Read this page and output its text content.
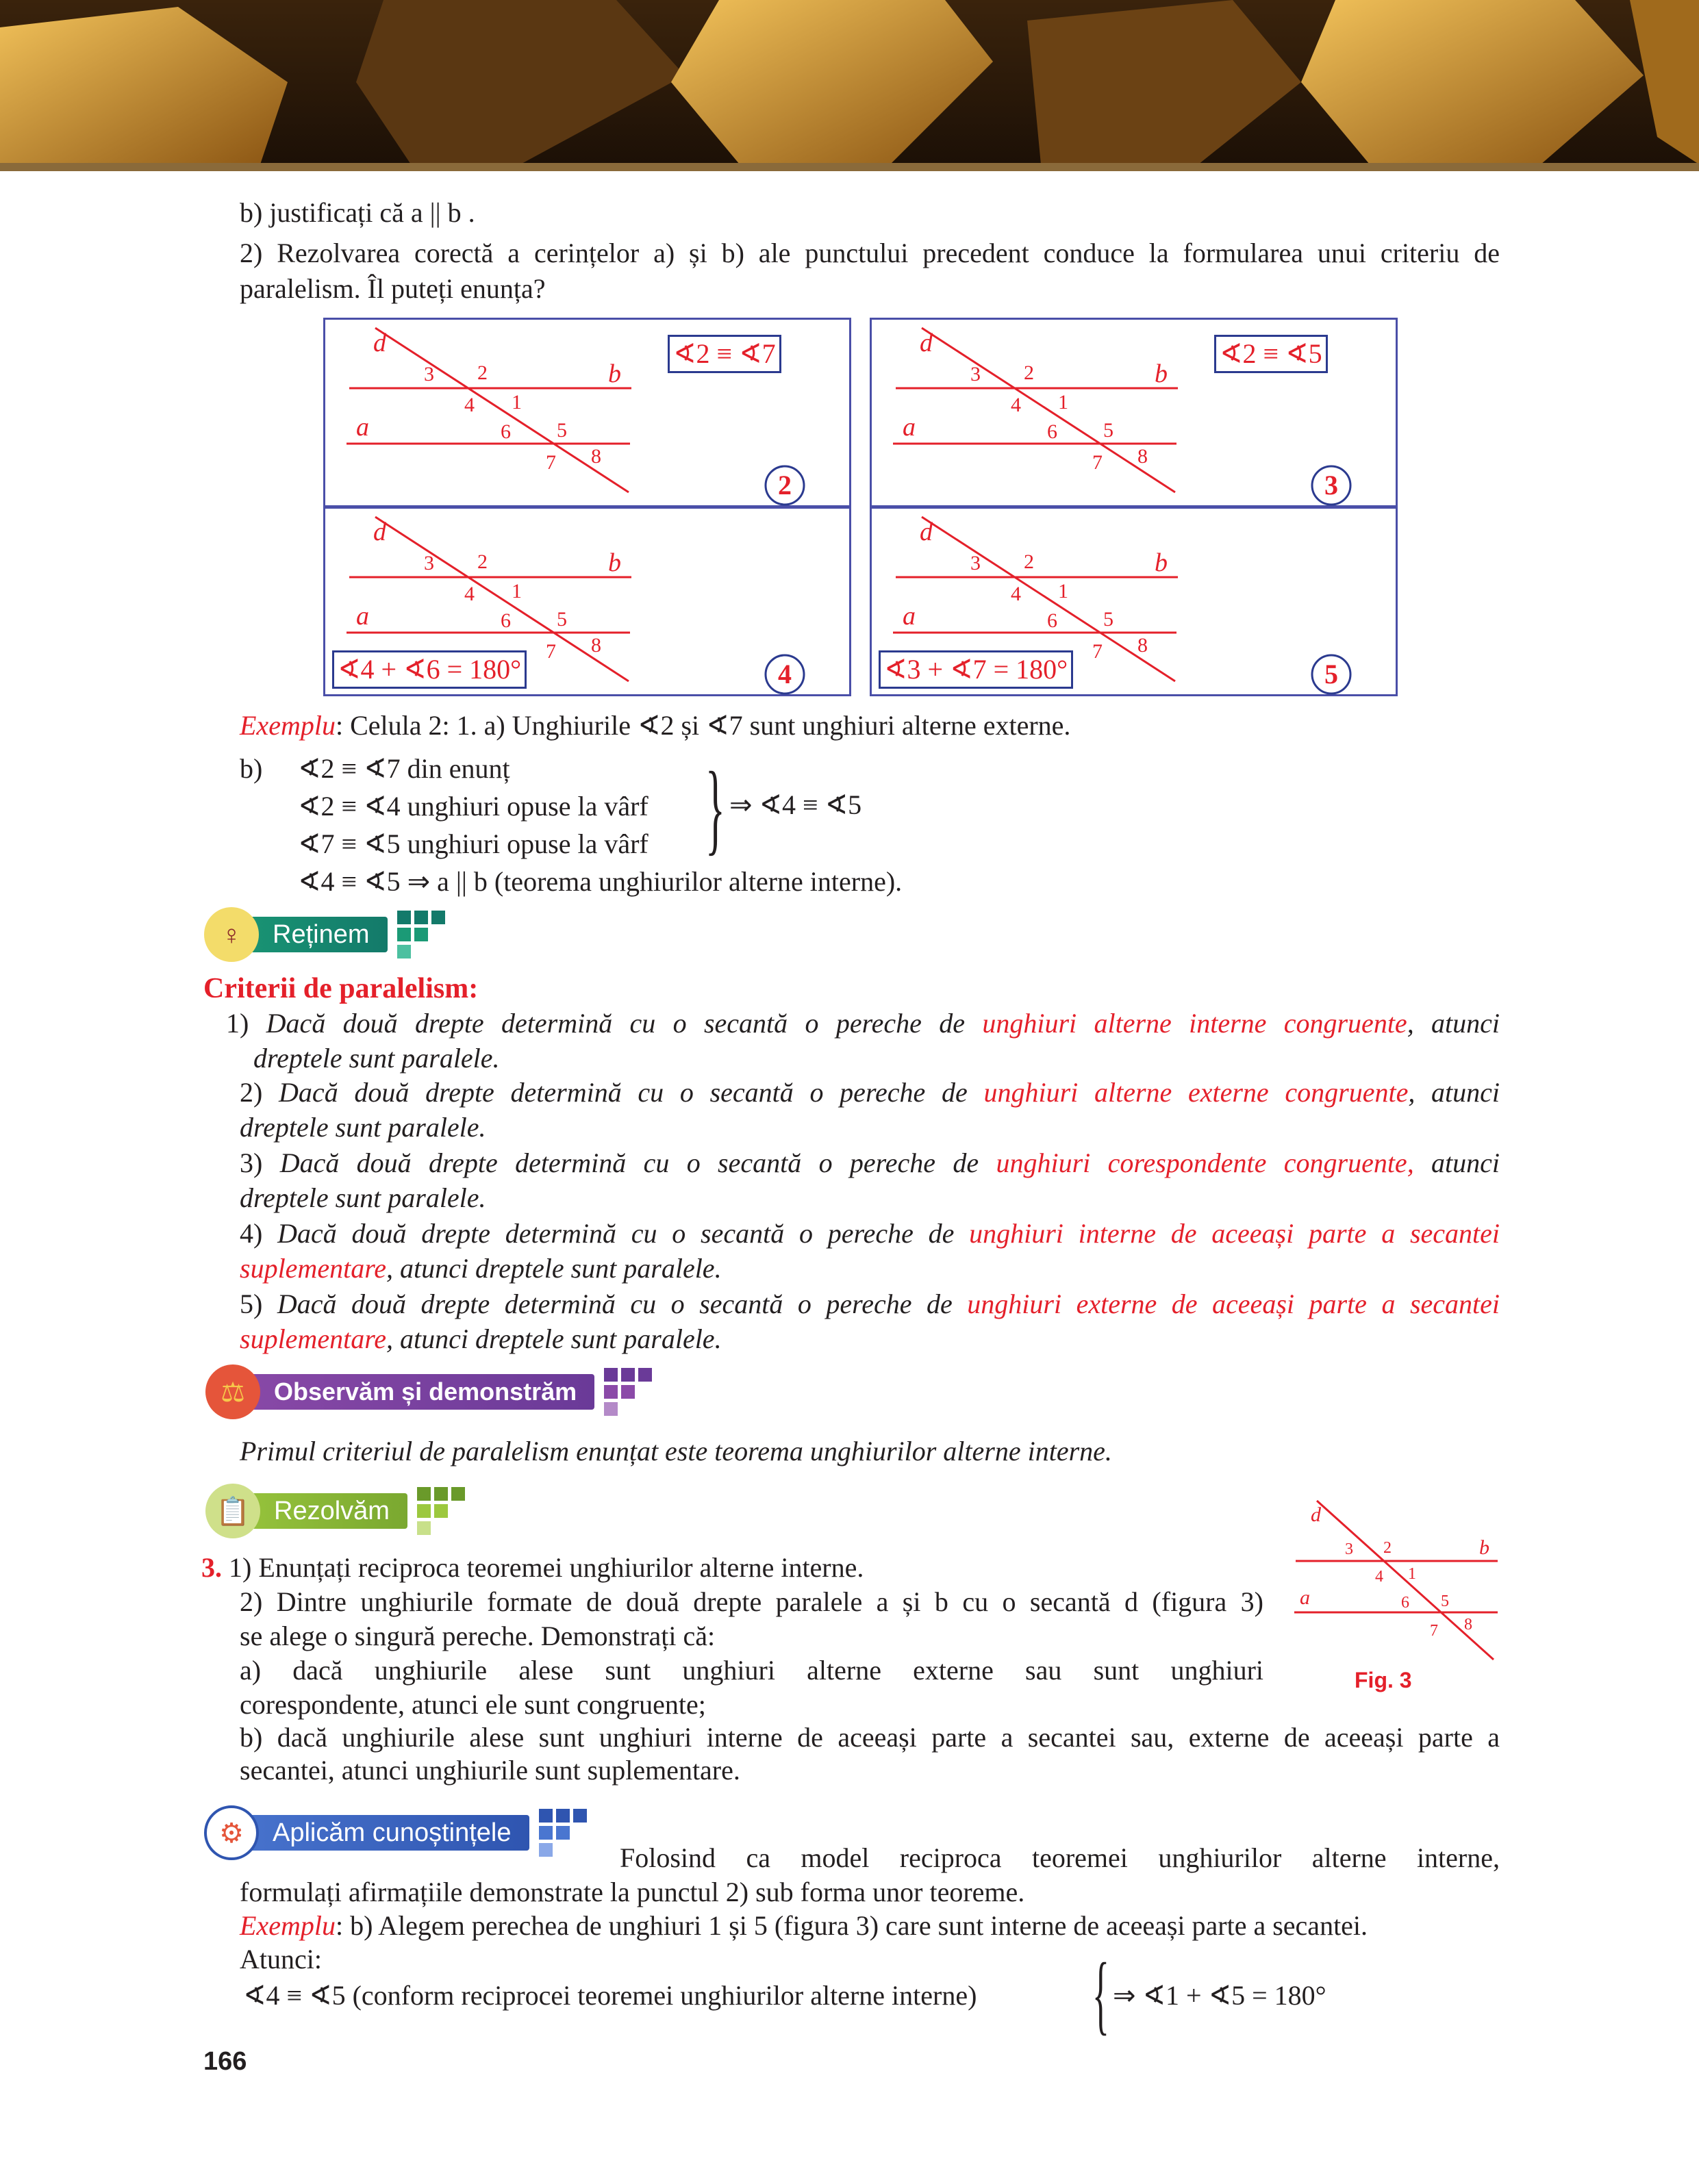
b) justificați că a || b .
2) Rezolvarea corectă a cerințelor a) și b) ale punctului precedent conduce la formularea unui criteriu de
paralelism. Îl puteți enunța?
d
3 2	b
4 1
a	6 5
7 8
2
∢2 ≡ ∢7	d
3 2	b
4 1
a	6 5
7 8
3
∢2 ≡ ∢5
d
3 2	b
4 1
a	6 5
7 8
4
∢4 + ∢6 = 180°
d
3 2	b
4 1
a	6 5
7 8
5
∢3 + ∢7 = 180°
Exemplu: Celula 2: 1. a) Unghiurile ∢2 și ∢7 sunt unghiuri alterne externe.
b)	∢2 ≡ ∢7 din enunț
∢2 ≡ ∢4 unghiuri opuse la vârf
∢7 ≡ ∢5 unghiuri opuse la vârf } ⇒ ∢4 ≡ ∢5
∢4 ≡ ∢5 ⇒ a || b (teorema unghiurilor alterne interne).
♀	Reținem
Criterii de paralelism:
1) Dacă două drepte determină cu o secantă o pereche de unghiuri alterne interne congruente, atunci
dreptele sunt paralele.
2) Dacă două drepte determină cu o secantă o pereche de unghiuri alterne externe congruente, atunci
dreptele sunt paralele.
3) Dacă două drepte determină cu o secantă o pereche de unghiuri corespondente congruente, atunci
dreptele sunt paralele.
4) Dacă două drepte determină cu o secantă o pereche de unghiuri interne de aceeași parte a secantei
suplementare, atunci dreptele sunt paralele.
5) Dacă două drepte determină cu o secantă o pereche de unghiuri externe de aceeași parte a secantei
suplementare, atunci dreptele sunt paralele.
⚖	Observăm și demonstrăm
Primul criteriul de paralelism enunțat este teorema unghiurilor alterne interne.
📋 Rezolvăm
3. 1) Enunțați reciproca teoremei unghiurilor alterne interne.
2) Dintre unghiurile formate de două drepte paralele a și b cu o secantă d (figura 3)
se alege o singură pereche. Demonstrați că:
a) dacă unghiurile alese sunt unghiuri alterne externe sau sunt unghiuri
corespondente, atunci ele sunt congruente;
b) dacă unghiurile alese sunt unghiuri interne de aceeași parte a secantei sau, externe de aceeași parte a
secantei, atunci unghiurile sunt suplementare.
d
3 2	b
4 1
a	6 5
7 8
Fig. 3
⚙	Aplicăm cunoștințele
Folosind ca model reciproca teoremei unghiurilor alterne interne,
formulați afirmațiile demonstrate la punctul 2) sub forma unor teoreme.
Exemplu: b) Alegem perechea de unghiuri 1 și 5 (figura 3) care sunt interne de aceeași parte a secantei.
Atunci:
∢4 ≡ ∢5 (conform reciprocei teoremei unghiurilor alterne interne)	{ ⇒ ∢1 + ∢5 = 180°
166
